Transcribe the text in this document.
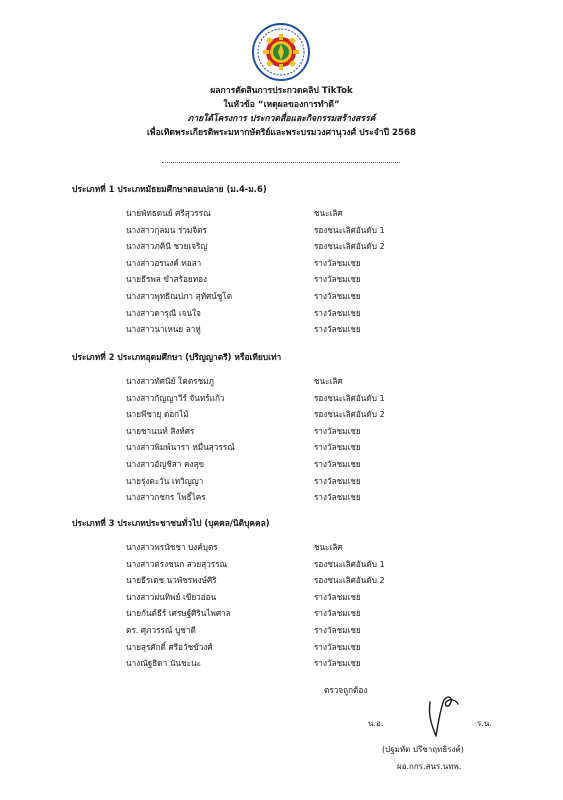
ผลการตัดสินการประกวดคลิป TikTok
ในหัวข้อ “เหตุผลของการทำดี”
ภายใต้โครงการ ประกวดสื่อและกิจกรรมสร้างสรรค์
เพื่อเทิดพระเกียรติพระมหากษัตริย์และพระบรมวงศานุวงศ์ ประจำปี 2568
ประเภทที่ 1 ประเภทมัธยมศึกษาตอนปลาย (ม.4-ม.6)
นายพัทธดนย์ ศรีสุวรรณ	ชนะเลิศ
นางสาวกุลมน ร่วมจิตร	รองชนะเลิศอันดับ 1
นางสาวภคินี ชวยเจริญ	รองชนะเลิศอันดับ 2
นางสาวอรนงค์ ทอสา	รางวัลชมเชย
นายธีรพล ขำสร้อยทอง	รางวัลชมเชย
นางสาวพุทธิณปภา สุทัศน์ชูโต	รางวัลชมเชย
นางสาวดารุณี เจนใจ	รางวัลชมเชย
นางสาวนาเหนย ลาหู่	รางวัลชมเชย
ประเภทที่ 2 ประเภทอุดมศึกษา (ปริญญาตรี) หรือเทียบเท่า
นางสาวทัศนีย์ โคตรชมภู	ชนะเลิศ
นางสาวกัญญาวีร์ จันทร์แก้ว	รองชนะเลิศอันดับ 1
นายพีชายุ ดอกไม้	รองชนะเลิศอันดับ 2
นายชานนท์ สิงห์ศร	รางวัลชมเชย
นางสาวพิมพ์นารา หมื่นสุวรรณ์	รางวัลชมเชย
นางสาวอัญชิสา คงสุข	รางวัลชมเชย
นายรุ่งตะวัน เทวิญญา	รางวัลชมเชย
นางสาวกชกร โพธิ์ไคร	รางวัลชมเชย
ประเภทที่ 3 ประเภทประชาชนทั่วไป (บุคคล/นิติบุคคล)
นางสาวพรนัชชา บงค์บุตร	ชนะเลิศ
นางสาวตรงชนก สวยสุวรรณ	รองชนะเลิศอันดับ 1
นายธีรเดช นวพัชรพงษ์ศิริ	รองชนะเลิศอันดับ 2
นางสาวฝนทิพย์ เขียวอ่อน	รางวัลชมเชย
นายกันต์ธีร์ เศรษฐ์ศิรินไพศาล	รางวัลชมเชย
ดร. ศุภวรรณ์ บูชาดี	รางวัลชมเชย
นายสุรศักดิ์ ศรีอวัชข้วงศ์	รางวัลชมเชย
นางณัฐธิดา นันชะนะ	รางวัลชมเชย
ตรวจถูกต้อง
น.อ.	ร.น.
(ปฐมทัต ปรีชาฤทธิรงค์)
ผอ.กกร.สนร.นทพ.
